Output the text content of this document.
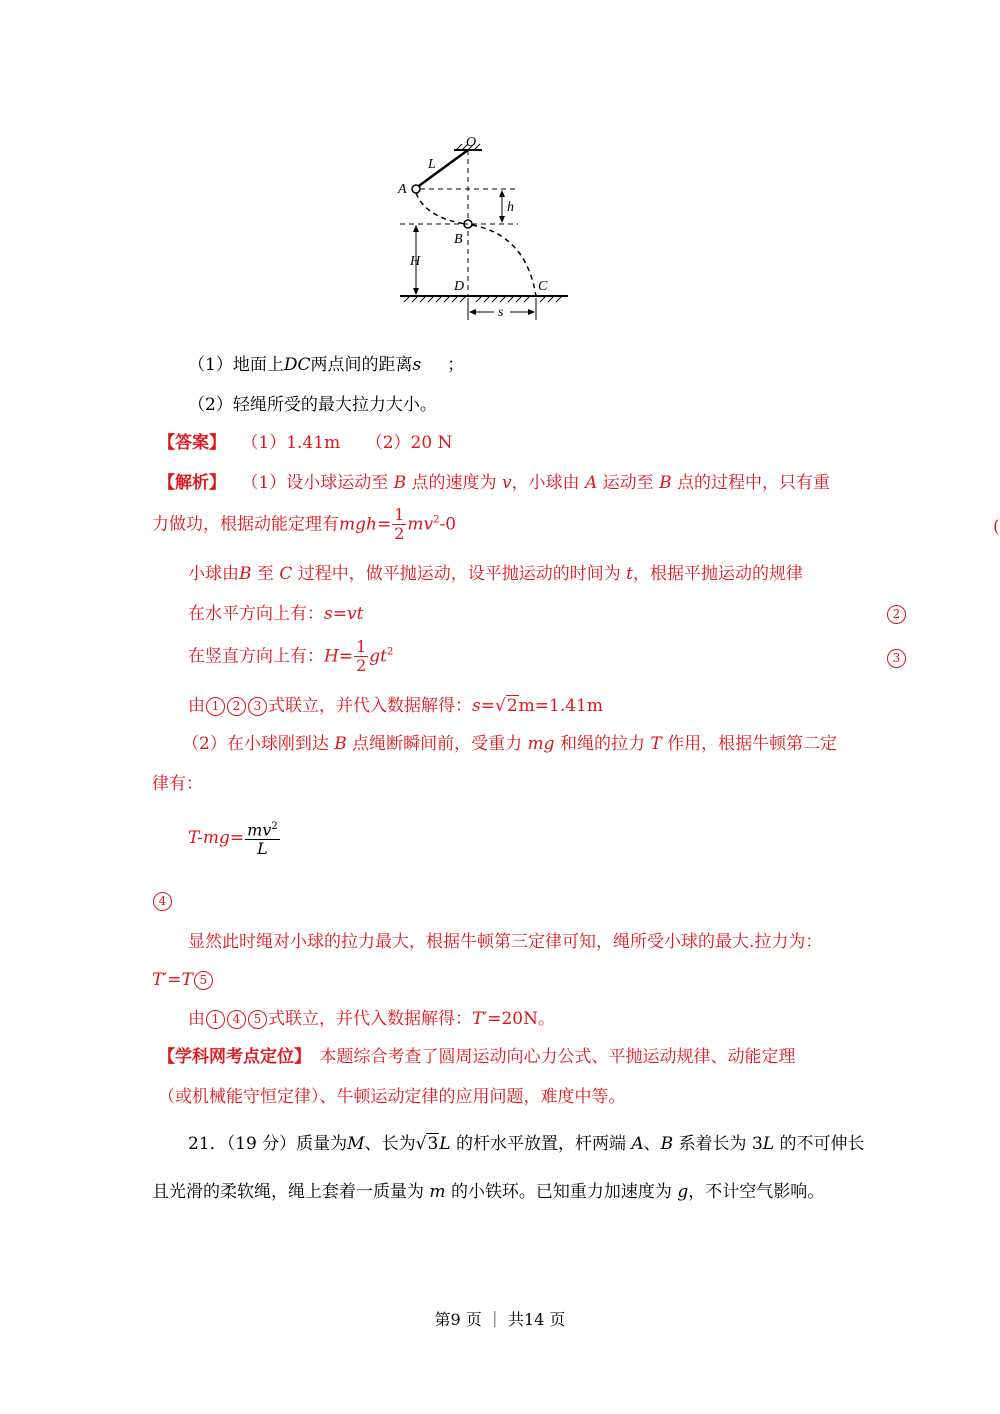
O
L
A
B
h
H
D	C
s
（1）地面上DC两点间的距离s ；
（2）轻绳所受的最大拉力大小。
【答案】 （1）1.41m　　（2）20 N
【解析】 （1）设小球运动至 B 点的速度为 v，小球由 A 运动至 B 点的过程中，只有重
力做功，根据动能定理有$mgh= \frac{1}{2} mv^2-0$	(
小球由B 至 C 过程中，做平抛运动，设平抛运动的时间为 t，根据平抛运动的规律
在水平方向上有：s=vt	2
在竖直方向上有：$H= \frac{1}{2} gt^2$	3
由 1 2 3 式联立，并代入数据解得：s=√2m=1.41m
（2）在小球刚到达 B 点绳断瞬间前，受重力 mg 和绳的拉力 T 作用，根据牛顿第二定
律有：
$T-mg= \frac{mv^2}{L}$
4
显然此时绳对小球的拉力最大，根据牛顿第三定律可知，绳所受小球的最大.拉力为：
T′=T 5
由 1 4 5 式联立，并代入数据解得：T′=20N。
【学科网考点定位】　本题综合考查了圆周运动向心力公式、平抛运动规律、动能定理
（或机械能守恒定律）、牛顿运动定律的应用问题，难度中等。
21．（19 分）质量为M、长为√3L 的杆水平放置，杆两端 A、B 系着长为 3L 的不可伸长
且光滑的柔软绳，绳上套着一质量为 m 的小铁环。已知重力加速度为 g，不计空气影响。
第9 页 ｜ 共14 页
